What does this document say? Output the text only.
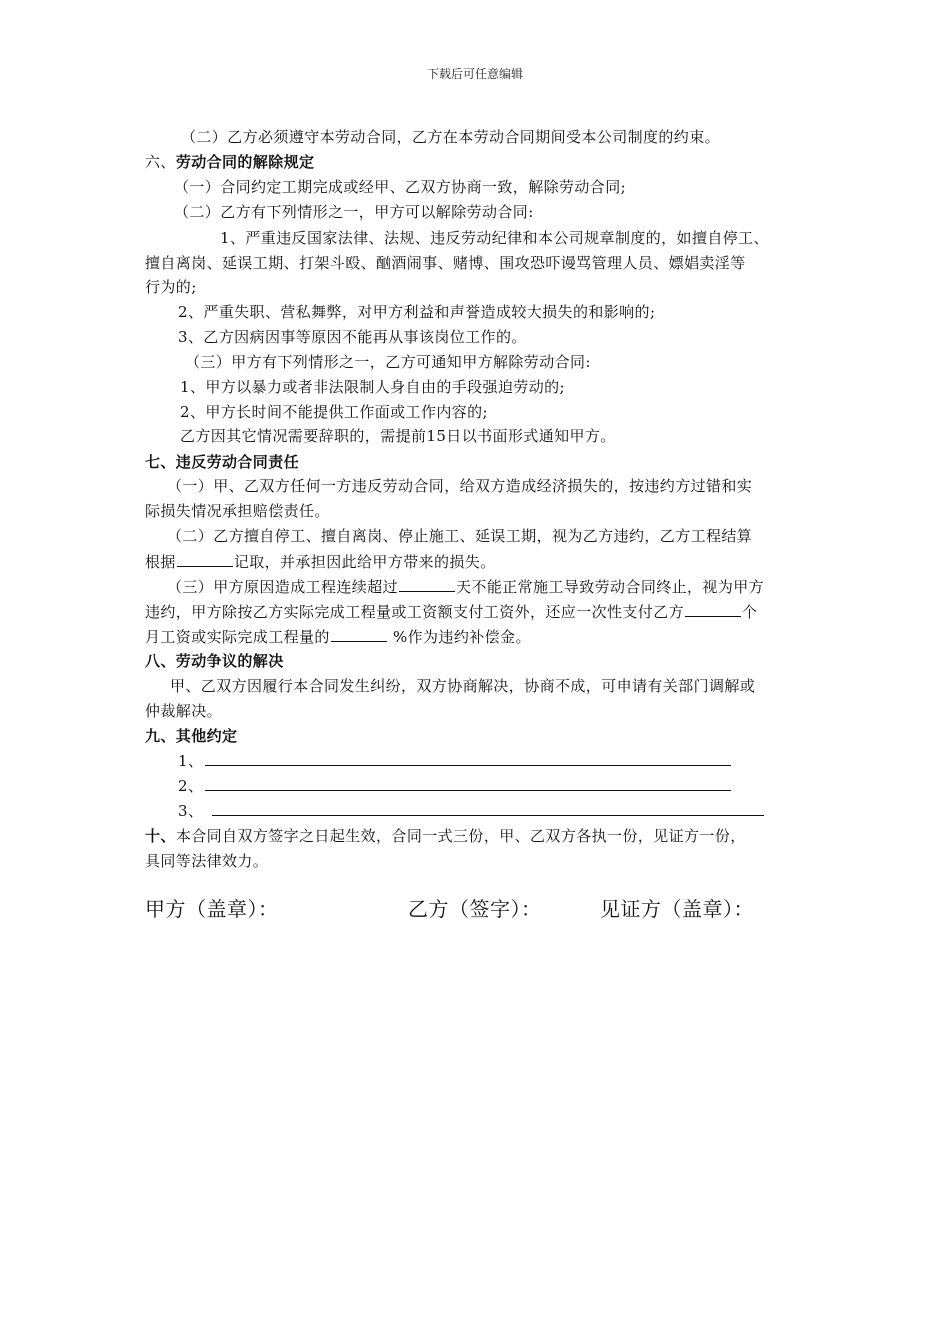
下载后可任意编辑
（二）乙方必须遵守本劳动合同，乙方在本劳动合同期间受本公司制度的约束。
六、劳动合同的解除规定
（一）合同约定工期完成或经甲、乙双方协商一致，解除劳动合同;
（二）乙方有下列情形之一，甲方可以解除劳动合同:
1、严重违反国家法律、法规、违反劳动纪律和本公司规章制度的，如擅自停工、
擅自离岗、延误工期、打架斗殴、酗酒闹事、赌博、围攻恐吓谩骂管理人员、嫖娼卖淫等
行为的;
2、严重失职、营私舞弊，对甲方利益和声誉造成较大损失的和影响的;
3、乙方因病因事等原因不能再从事该岗位工作的。
（三）甲方有下列情形之一，乙方可通知甲方解除劳动合同:
1、甲方以暴力或者非法限制人身自由的手段强迫劳动的;
2、甲方长时间不能提供工作面或工作内容的;
乙方因其它情况需要辞职的，需提前15日以书面形式通知甲方。
七、违反劳动合同责任
（一）甲、乙双方任何一方违反劳动合同，给双方造成经济损失的，按违约方过错和实
际损失情况承担赔偿责任。
（二）乙方擅自停工、擅自离岗、停止施工、延误工期，视为乙方违约，乙方工程结算
根据	记取，并承担因此给甲方带来的损失。
（三）甲方原因造成工程连续超过	天不能正常施工导致劳动合同终止，视为甲方
违约，甲方除按乙方实际完成工程量或工资额支付工资外，还应一次性支付乙方	个
月工资或实际完成工程量的	%作为违约补偿金。
八、劳动争议的解决
甲、乙双方因履行本合同发生纠纷，双方协商解决，协商不成，可申请有关部门调解或
仲裁解决。
九、其他约定
1、
2、
3、
十、本合同自双方签字之日起生效，合同一式三份，甲、乙双方各执一份，见证方一份，
具同等法律效力。
甲方（盖章）：	乙方（签字）：	见证方（盖章）：
